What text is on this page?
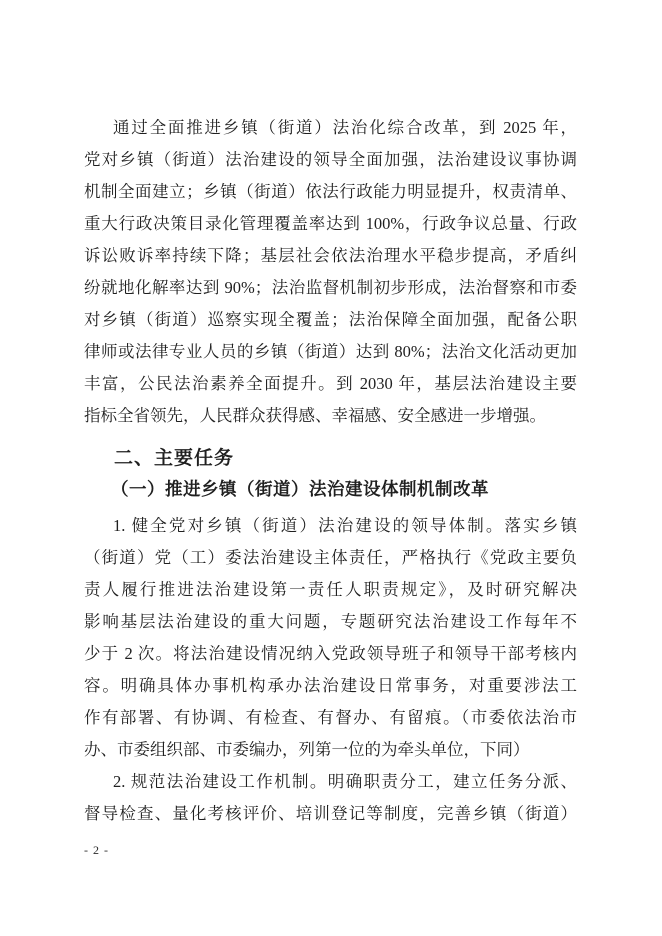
通过全面推进乡镇（街道）法治化综合改革，到 2025 年，
党对乡镇（街道）法治建设的领导全面加强，法治建设议事协调
机制全面建立；乡镇（街道）依法行政能力明显提升，权责清单、
重大行政决策目录化管理覆盖率达到 100%，行政争议总量、行政
诉讼败诉率持续下降；基层社会依法治理水平稳步提高，矛盾纠
纷就地化解率达到 90%；法治监督机制初步形成，法治督察和市委
对乡镇（街道）巡察实现全覆盖；法治保障全面加强，配备公职
律师或法律专业人员的乡镇（街道）达到 80%；法治文化活动更加
丰富，公民法治素养全面提升。到 2030 年，基层法治建设主要
指标全省领先，人民群众获得感、幸福感、安全感进一步增强。
二、主要任务
（一）推进乡镇（街道）法治建设体制机制改革
1. 健全党对乡镇（街道）法治建设的领导体制。落实乡镇
（街道）党（工）委法治建设主体责任，严格执行《党政主要负
责人履行推进法治建设第一责任人职责规定》，及时研究解决
影响基层法治建设的重大问题，专题研究法治建设工作每年不
少于 2 次。将法治建设情况纳入党政领导班子和领导干部考核内
容。明确具体办事机构承办法治建设日常事务，对重要涉法工
作有部署、有协调、有检查、有督办、有留痕。（市委依法治市
办、市委组织部、市委编办，列第一位的为牵头单位，下同）
2. 规范法治建设工作机制。明确职责分工，建立任务分派、
督导检查、量化考核评价、培训登记等制度，完善乡镇（街道）
- 2 -
